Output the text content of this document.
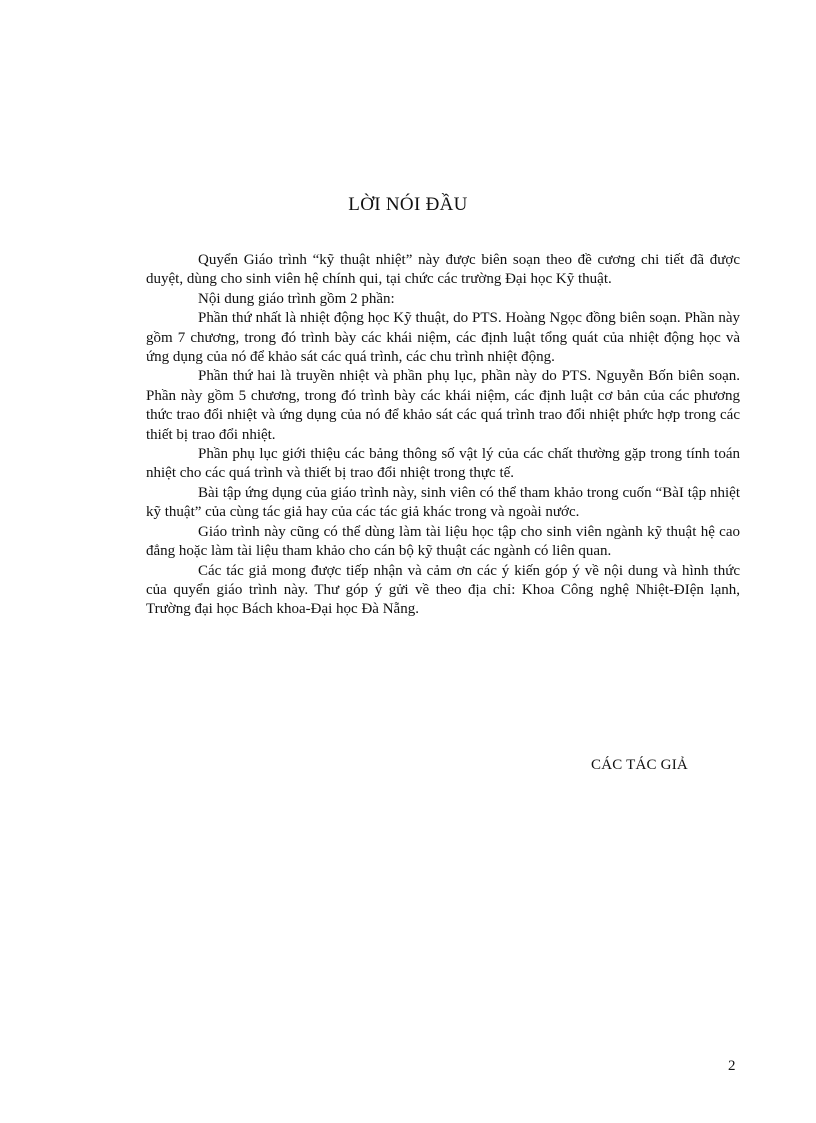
LỜI NÓI ĐẦU

Quyển Giáo trình “kỹ thuật nhiệt” này được biên soạn theo đề cương chi tiết đã được duyệt, dùng cho sinh viên hệ chính qui, tại chức các trường Đại học Kỹ thuật.

Nội dung giáo trình gồm 2 phần:

Phần thứ nhất là nhiệt động học Kỹ thuật, do PTS. Hoàng Ngọc đồng biên soạn. Phần này gồm 7 chương, trong đó trình bày các khái niệm, các định luật tổng quát của nhiệt động học và ứng dụng của nó để khảo sát các quá trình, các chu trình nhiệt động.

Phần thứ hai là truyền nhiệt và phần phụ lục, phần này do PTS. Nguyễn Bốn biên soạn. Phần này gồm 5 chương, trong đó trình bày các khái niệm, các định luật cơ bản của các phương thức trao đổi nhiệt và ứng dụng của nó để khảo sát các quá trình trao đổi nhiệt phức hợp trong các thiết bị trao đổi nhiệt.

Phần phụ lục giới thiệu các bảng thông số vật lý của các chất thường gặp trong tính toán nhiệt cho các quá trình và thiết bị trao đổi nhiệt trong thực tế.

Bài tập ứng dụng của giáo trình này, sinh viên có thể tham khảo trong cuốn “BàI tập nhiệt kỹ thuật” của cùng tác giả hay của các tác giả khác trong và ngoài nước.

Giáo trình này cũng có thể dùng làm tài liệu học tập cho sinh viên ngành kỹ thuật hệ cao đẳng hoặc làm tài liệu tham khảo cho cán bộ kỹ thuật các ngành có liên quan.

Các tác giả mong được tiếp nhận và cảm ơn các ý kiến góp ý về nội dung và hình thức của quyển giáo trình này. Thư góp ý gửi về theo địa chỉ: Khoa Công nghệ Nhiệt-ĐIện lạnh, Trường đại học Bách khoa-Đại học Đà Nẵng.

CÁC TÁC GIẢ
2
